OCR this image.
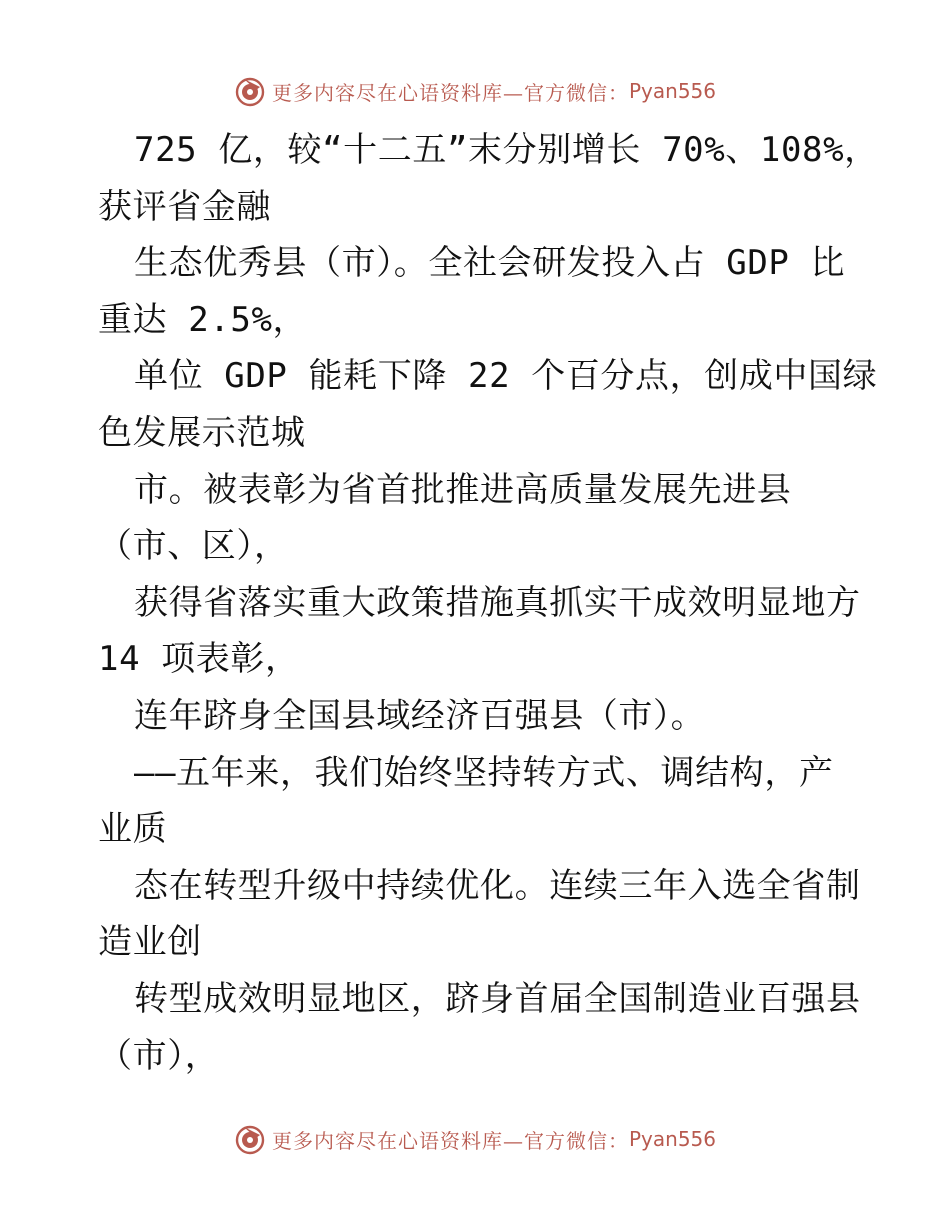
更多内容尽在心语资料库—官方微信： Pyan556
725 亿，较“十二五”末分别增长 70%、108%，
获评省金融
生态优秀县（市）。全社会研发投入占 GDP 比
重达 2.5%，
单位 GDP 能耗下降 22 个百分点，创成中国绿
色发展示范城
市。被表彰为省首批推进高质量发展先进县
（市、区），
获得省落实重大政策措施真抓实干成效明显地方
14 项表彰，
连年跻身全国县域经济百强县（市）。
——五年来，我们始终坚持转方式、调结构，产
业质
态在转型升级中持续优化。连续三年入选全省制
造业创
转型成效明显地区，跻身首届全国制造业百强县
（市），
更多内容尽在心语资料库—官方微信： Pyan556
